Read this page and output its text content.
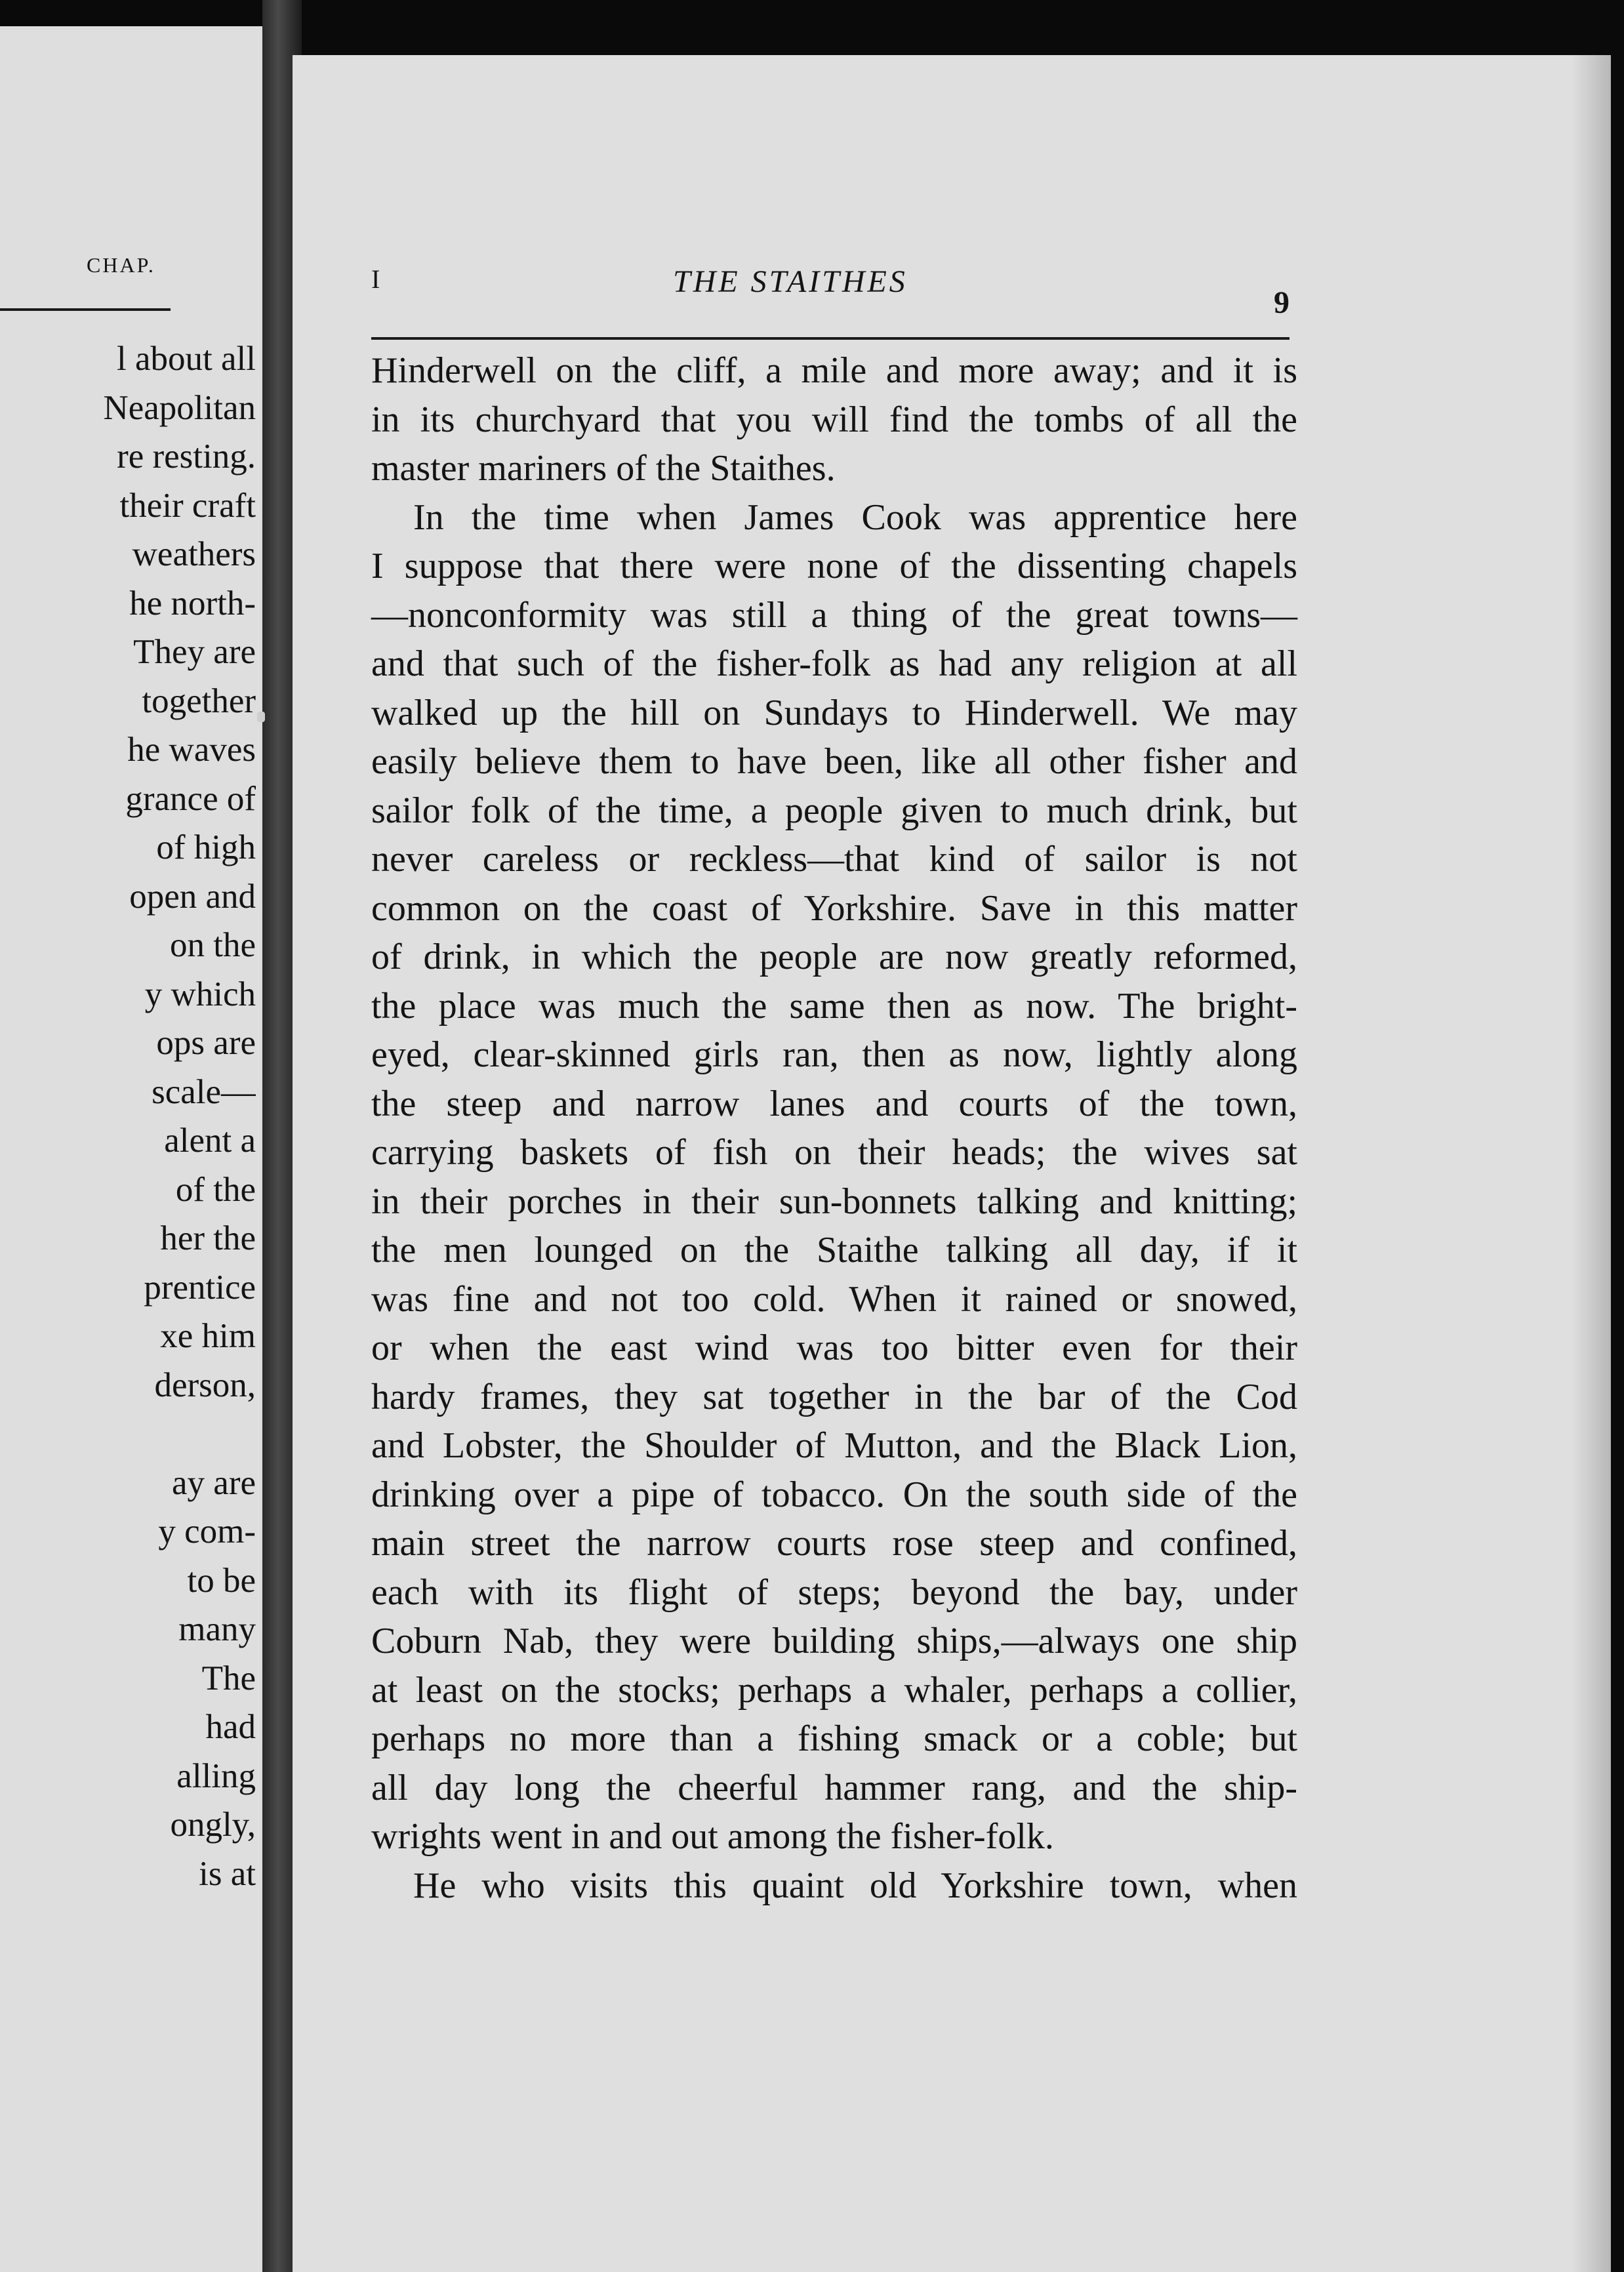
CHAP.
l about all
Neapolitan
re resting.
their craft
weathers
he north-
They are
together
he waves
grance of
of high
open and
on the
y which
ops are
scale—
alent a
of the
her the
prentice
xe him
derson,
ay are
y com-
to be
many
The
had
alling
ongly,
is at
I	THE STAITHES
9
Hinderwell on the cliff, a mile and more away; and it is
in its churchyard that you will find the tombs of all the
master mariners of the Staithes.
In the time when James Cook was apprentice here
I suppose that there were none of the dissenting chapels
—nonconformity was still a thing of the great towns—
and that such of the fisher-folk as had any religion at all
walked up the hill on Sundays to Hinderwell. We may
easily believe them to have been, like all other fisher and
sailor folk of the time, a people given to much drink, but
never careless or reckless—that kind of sailor is not
common on the coast of Yorkshire. Save in this matter
of drink, in which the people are now greatly reformed,
the place was much the same then as now. The bright-
eyed, clear-skinned girls ran, then as now, lightly along
the steep and narrow lanes and courts of the town,
carrying baskets of fish on their heads; the wives sat
in their porches in their sun-bonnets talking and knitting;
the men lounged on the Staithe talking all day, if it
was fine and not too cold. When it rained or snowed,
or when the east wind was too bitter even for their
hardy frames, they sat together in the bar of the Cod
and Lobster, the Shoulder of Mutton, and the Black Lion,
drinking over a pipe of tobacco. On the south side of the
main street the narrow courts rose steep and confined,
each with its flight of steps; beyond the bay, under
Coburn Nab, they were building ships,—always one ship
at least on the stocks; perhaps a whaler, perhaps a collier,
perhaps no more than a fishing smack or a coble; but
all day long the cheerful hammer rang, and the ship-
wrights went in and out among the fisher-folk.
He who visits this quaint old Yorkshire town, when
